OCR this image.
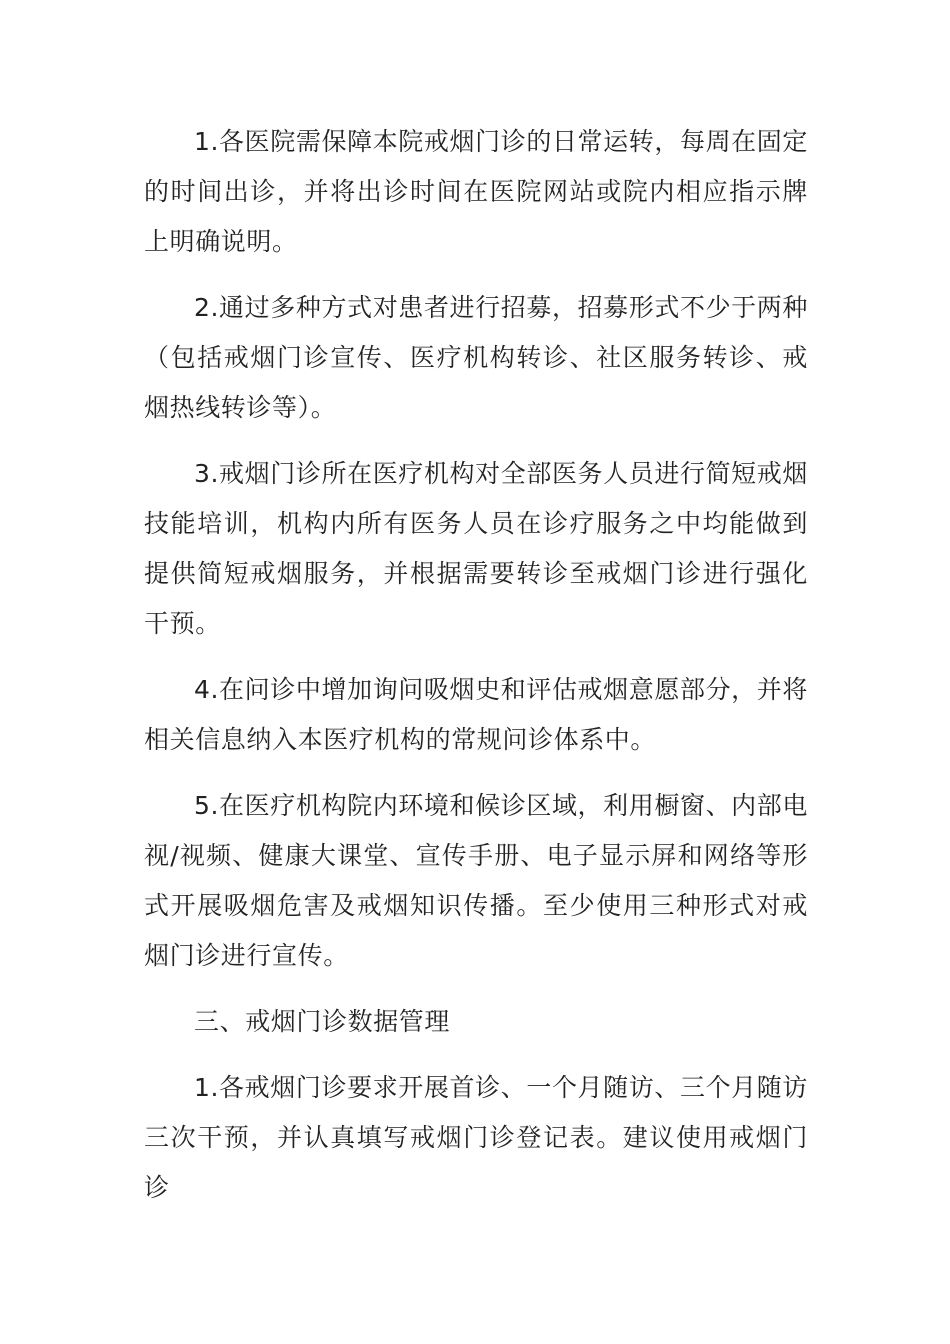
1.各医院需保障本院戒烟门诊的日常运转，每周在固定的时间出诊，并将出诊时间在医院网站或院内相应指示牌上明确说明。

2.通过多种方式对患者进行招募，招募形式不少于两种（包括戒烟门诊宣传、医疗机构转诊、社区服务转诊、戒烟热线转诊等）。

3.戒烟门诊所在医疗机构对全部医务人员进行简短戒烟技能培训，机构内所有医务人员在诊疗服务之中均能做到提供简短戒烟服务，并根据需要转诊至戒烟门诊进行强化干预。

4.在问诊中增加询问吸烟史和评估戒烟意愿部分，并将相关信息纳入本医疗机构的常规问诊体系中。

5.在医疗机构院内环境和候诊区域，利用橱窗、内部电视/视频、健康大课堂、宣传手册、电子显示屏和网络等形式开展吸烟危害及戒烟知识传播。至少使用三种形式对戒烟门诊进行宣传。

三、戒烟门诊数据管理

1.各戒烟门诊要求开展首诊、一个月随访、三个月随访三次干预，并认真填写戒烟门诊登记表。建议使用戒烟门诊
